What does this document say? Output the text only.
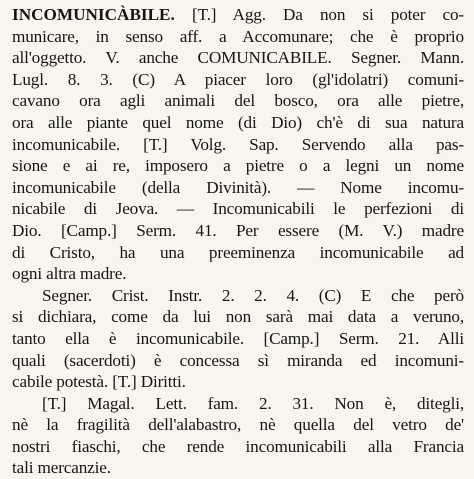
INCOMUNICÀBILE. [T.] Agg. Da non si poter co-
municare, in senso aff. a Accomunare; che è proprio
all'oggetto. V. anche COMUNICABILE. Segner. Mann.
Lugl. 8. 3. (C) A piacer loro (gl'idolatri) comuni-
cavano ora agli animali del bosco, ora alle pietre,
ora alle piante quel nome (di Dio) ch'è di sua natura
incomunicabile. [T.] Volg. Sap. Servendo alla pas-
sione e ai re, imposero a pietre o a legni un nome
incomunicabile (della Divinità). — Nome incomu-
nicabile di Jeova. — Incomunicabili le perfezioni di
Dio. [Camp.] Serm. 41. Per essere (M. V.) madre
di Cristo, ha una preeminenza incomunicabile ad
ogni altra madre.
Segner. Crist. Instr. 2. 2. 4. (C) E che però
si dichiara, come da lui non sarà mai data a veruno,
tanto ella è incomunicabile. [Camp.] Serm. 21. Alli
quali (sacerdoti) è concessa sì miranda ed incomuni-
cabile potestà. [T.] Diritti.
[T.] Magal. Lett. fam. 2. 31. Non è, ditegli,
nè la fragilità dell'alabastro, nè quella del vetro de'
nostri fiaschi, che rende incomunicabili alla Francia
tali mercanzie.
